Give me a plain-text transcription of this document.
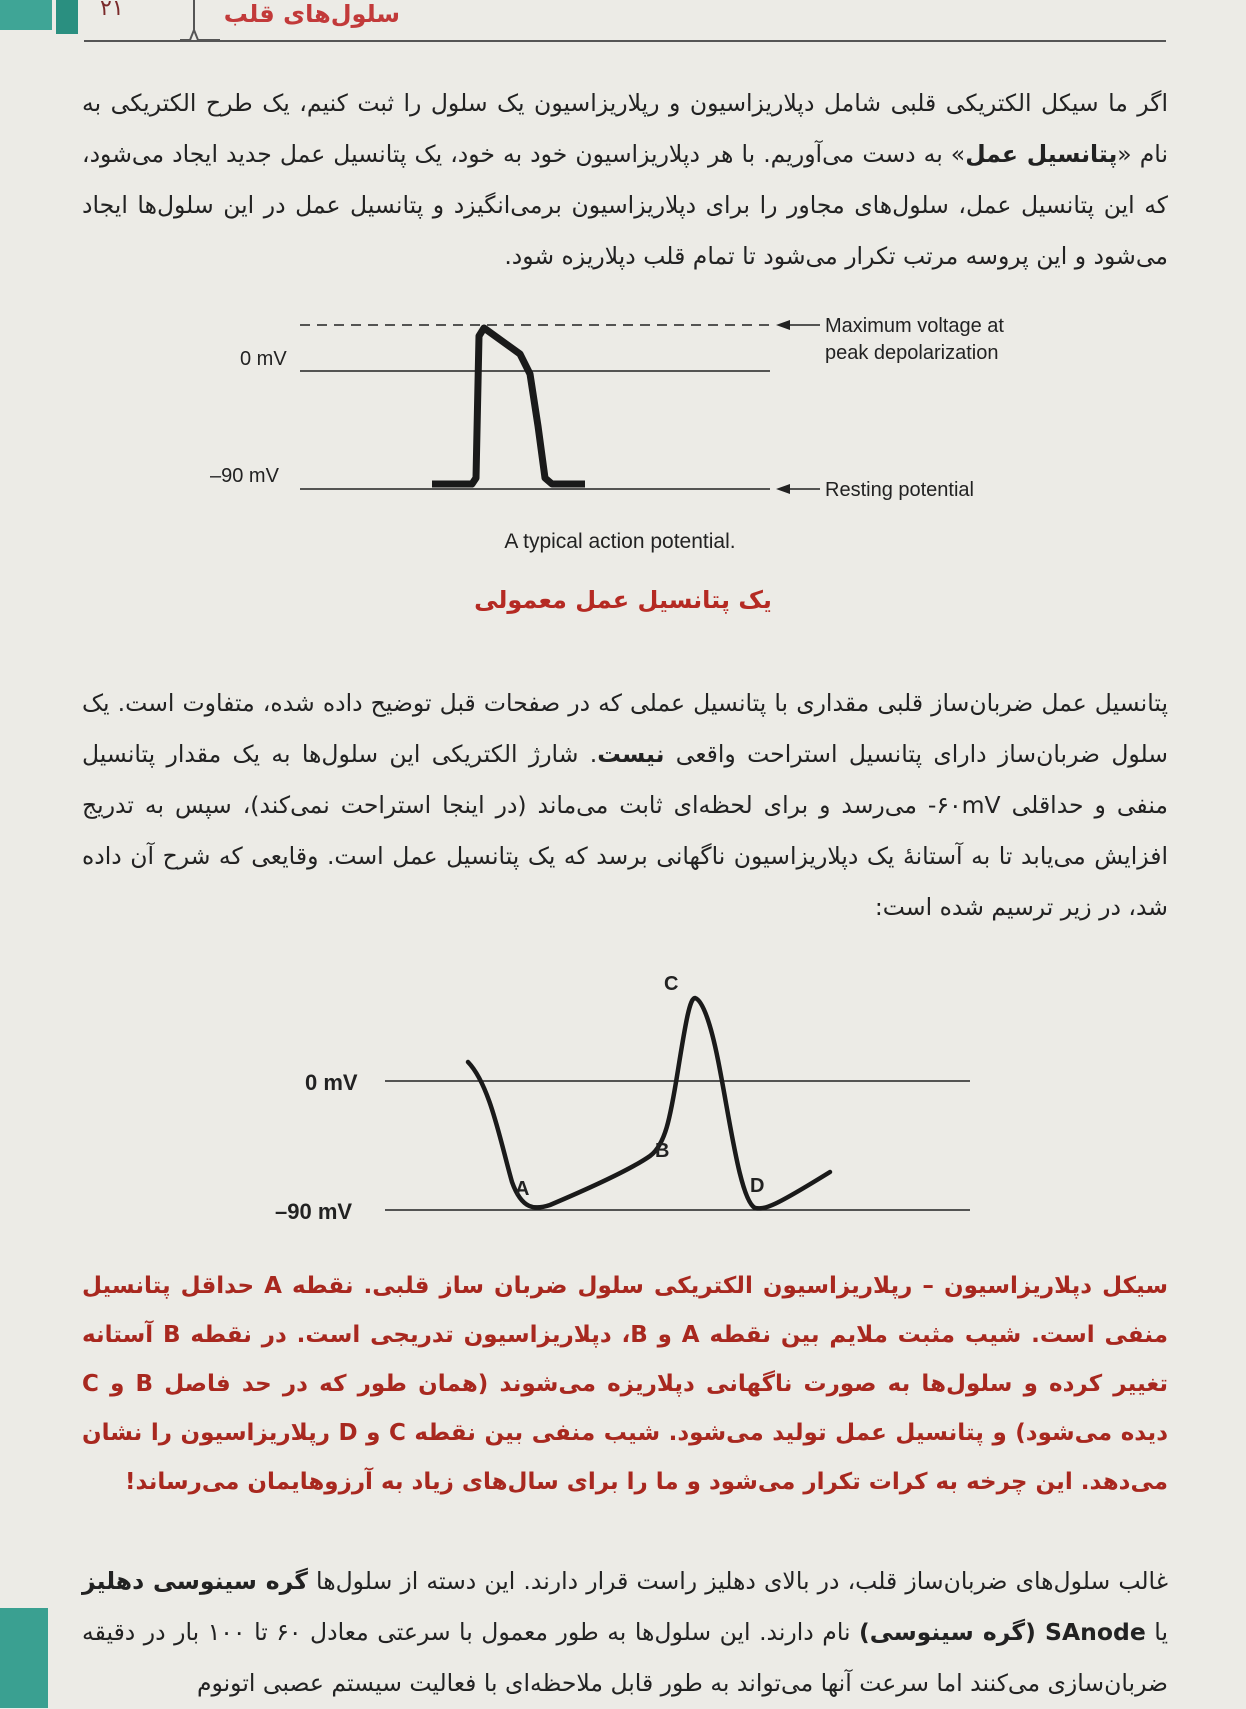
۲۱	سلول‌های قلب
اگر ما سیکل الکتریکی قلبی شامل دپلاریزاسیون و رپلاریزاسیون یک سلول را ثبت کنیم، یک طرح الکتریکی به نام «پتانسیل عمل» به دست می‌آوریم. با هر دپلاریزاسیون خود به خود، یک پتانسیل عمل جدید ایجاد می‌شود، که این پتانسیل عمل، سلول‌های مجاور را برای دپلاریزاسیون برمی‌انگیزد و پتانسیل عمل در این سلول‌ها ایجاد می‌شود و این پروسه مرتب تکرار می‌شود تا تمام قلب دپلاریزه شود.
0 mV
–90 mV
Maximum voltage at
peak depolarization
Resting potential
A typical action potential.
یک پتانسیل عمل معمولی
پتانسیل عمل ضربان‌ساز قلبی مقداری با پتانسیل عملی که در صفحات قبل توضیح داده شده، متفاوت است. یک سلول ضربان‌ساز دارای پتانسیل استراحت واقعی نیست. شارژ الکتریکی این سلول‌ها به یک مقدار پتانسیل منفی و حداقلی ۶۰mV- می‌رسد و برای لحظه‌ای ثابت می‌ماند (در اینجا استراحت نمی‌کند)، سپس به تدریج افزایش می‌یابد تا به آستانهٔ یک دپلاریزاسیون ناگهانی برسد که یک پتانسیل عمل است. وقایعی که شرح آن داده شد، در زیر ترسیم شده است:
0 mV
–90 mV
A
B
C
D
سیکل دپلاریزاسیون – رپلاریزاسیون الکتریکی سلول ضربان ساز قلبی. نقطه A حداقل پتانسیل منفی است. شیب مثبت ملایم بین نقطه A و B، دپلاریزاسیون تدریجی است. در نقطه B آستانه تغییر کرده و سلول‌ها به صورت ناگهانی دپلاریزه می‌شوند (همان طور که در حد فاصل B و C دیده می‌شود) و پتانسیل عمل تولید می‌شود. شیب منفی بین نقطه C و D رپلاریزاسیون را نشان می‌دهد. این چرخه به کرات تکرار می‌شود و ما را برای سال‌های زیاد به آرزوهایمان می‌رساند!
غالب سلول‌های ضربان‌ساز قلب، در بالای دهلیز راست قرار دارند. این دسته از سلول‌ها گره سینوسی دهلیز یا SAnode (گره سینوسی) نام دارند. این سلول‌ها به طور معمول با سرعتی معادل ۶۰ تا ۱۰۰ بار در دقیقه ضربان‌سازی می‌کنند اما سرعت آنها می‌تواند به طور قابل ملاحظه‌ای با فعالیت سیستم عصبی اتونوم
